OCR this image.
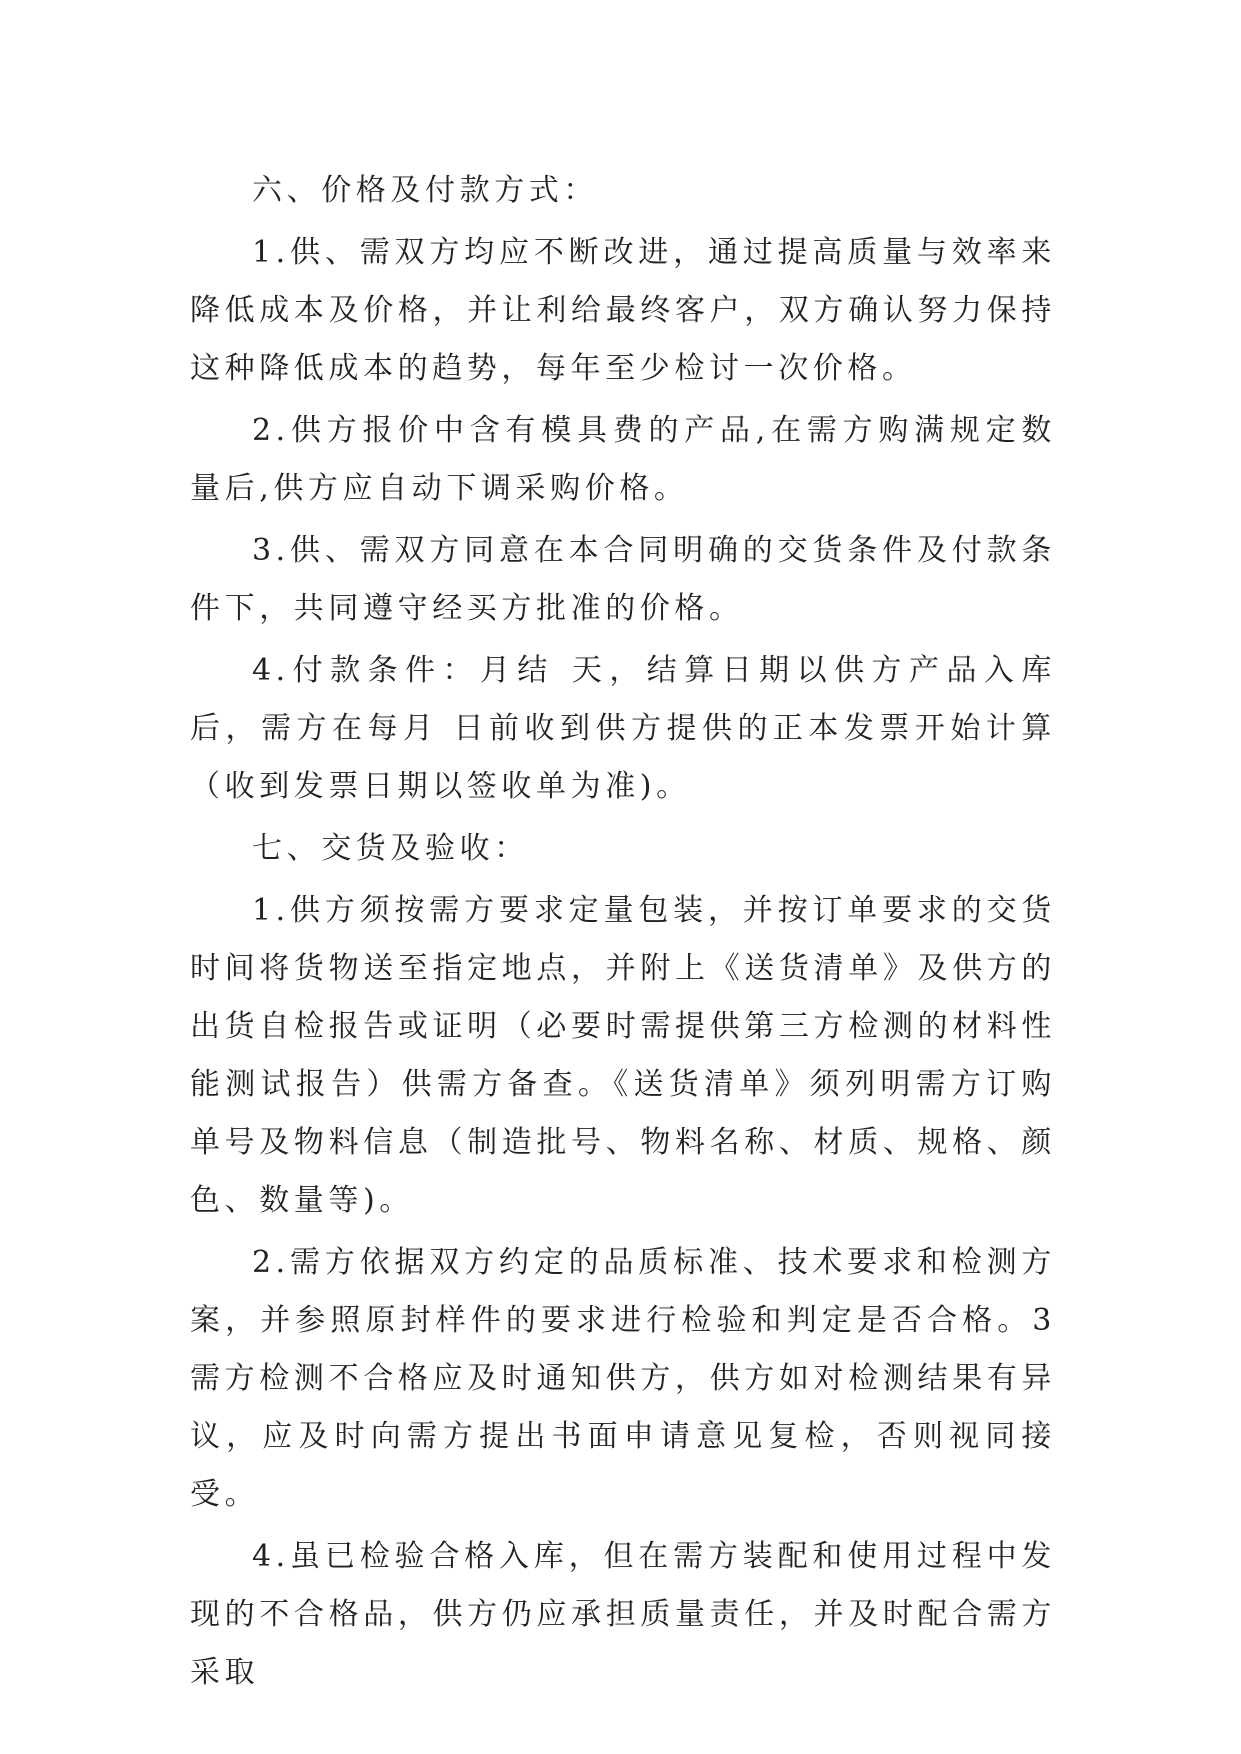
六、价格及付款方式：

1.供、需双方均应不断改进，通过提高质量与效率来降低成本及价格，并让利给最终客户，双方确认努力保持这种降低成本的趋势，每年至少检讨一次价格。

2.供方报价中含有模具费的产品,在需方购满规定数量后,供方应自动下调采购价格。

3.供、需双方同意在本合同明确的交货条件及付款条件下，共同遵守经买方批准的价格。

4.付款条件：月结 天，结算日期以供方产品入库后，需方在每月 日前收到供方提供的正本发票开始计算（收到发票日期以签收单为准)。

七、交货及验收：

1.供方须按需方要求定量包装，并按订单要求的交货时间将货物送至指定地点，并附上《送货清单》及供方的出货自检报告或证明（必要时需提供第三方检测的材料性能测试报告）供需方备查。《送货清单》须列明需方订购单号及物料信息（制造批号、物料名称、材质、规格、颜色、数量等)。

2.需方依据双方约定的品质标准、技术要求和检测方案，并参照原封样件的要求进行检验和判定是否合格。3需方检测不合格应及时通知供方，供方如对检测结果有异议，应及时向需方提出书面申请意见复检，否则视同接受。

4.虽已检验合格入库，但在需方装配和使用过程中发现的不合格品，供方仍应承担质量责任，并及时配合需方采取
